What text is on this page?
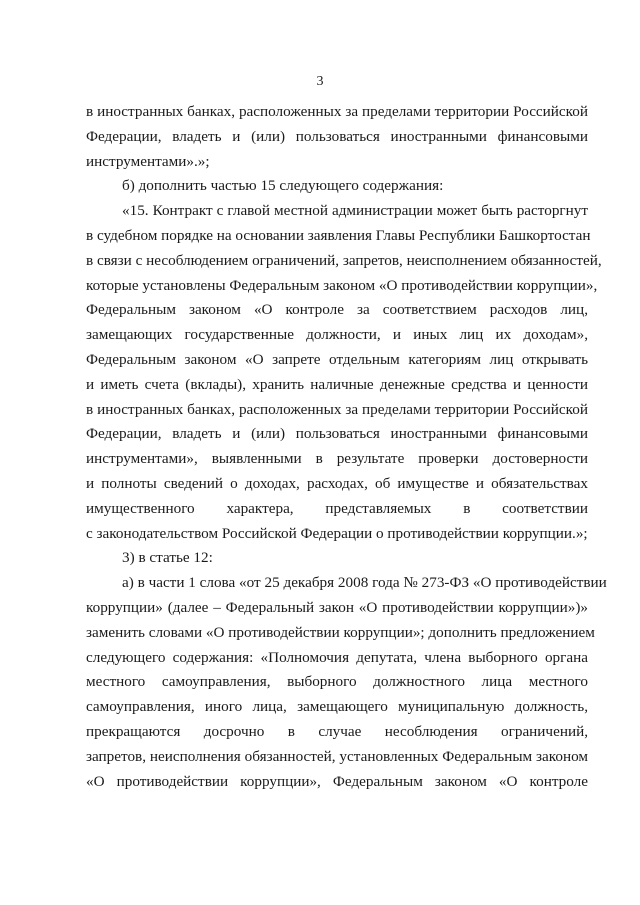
3
в иностранных банках, расположенных за пределами территории Российской
Федерации, владеть и (или) пользоваться иностранными финансовыми
инструментами».»;
б) дополнить частью 15 следующего содержания:
«15. Контракт с главой местной администрации может быть расторгнут
в судебном порядке на основании заявления Главы Республики Башкортостан
в связи с несоблюдением ограничений, запретов, неисполнением обязанностей,
которые установлены Федеральным законом «О противодействии коррупции»,
Федеральным законом «О контроле за соответствием расходов лиц,
замещающих государственные должности, и иных лиц их доходам»,
Федеральным законом «О запрете отдельным категориям лиц открывать
и иметь счета (вклады), хранить наличные денежные средства и ценности
в иностранных банках, расположенных за пределами территории Российской
Федерации, владеть и (или) пользоваться иностранными финансовыми
инструментами», выявленными в результате проверки достоверности
и полноты сведений о доходах, расходах, об имуществе и обязательствах
имущественного характера, представляемых в соответствии
с законодательством Российской Федерации о противодействии коррупции.»;
3) в статье 12:
а) в части 1 слова «от 25 декабря 2008 года № 273-ФЗ «О противодействии
коррупции» (далее – Федеральный закон «О противодействии коррупции»)»
заменить словами «О противодействии коррупции»; дополнить предложением
следующего содержания: «Полномочия депутата, члена выборного органа
местного самоуправления, выборного должностного лица местного
самоуправления, иного лица, замещающего муниципальную должность,
прекращаются досрочно в случае несоблюдения ограничений,
запретов, неисполнения обязанностей, установленных Федеральным законом
«О противодействии коррупции», Федеральным законом «О контроле
